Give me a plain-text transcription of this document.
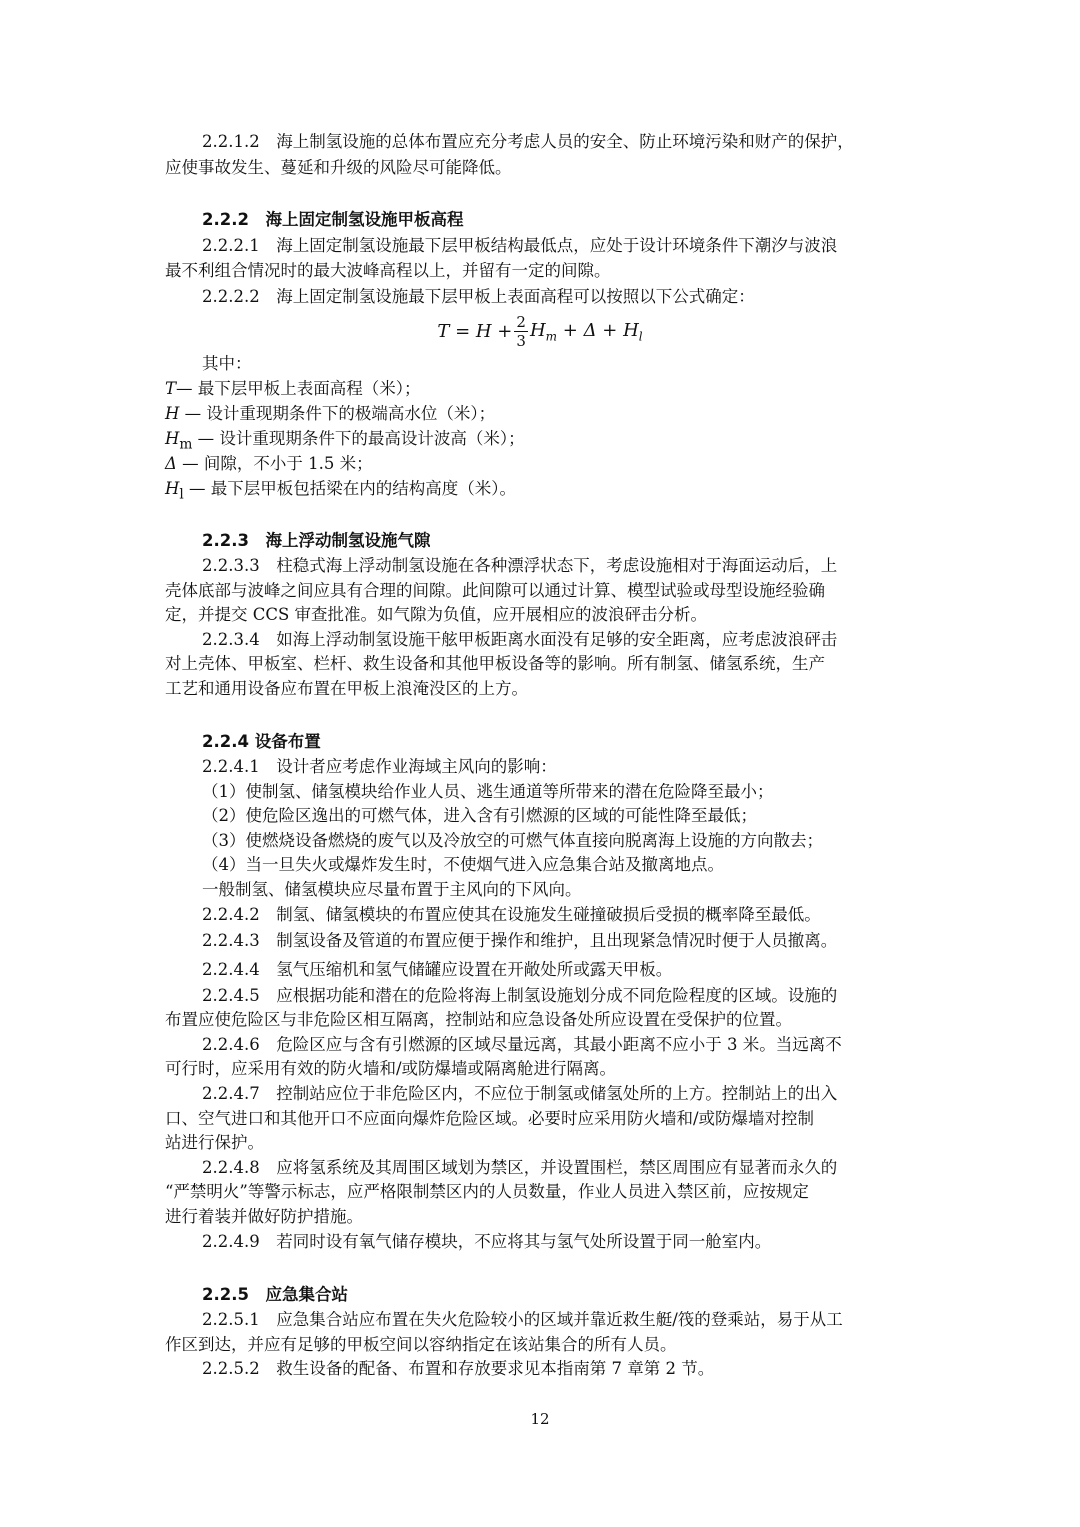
2.2.1.2　海上制氢设施的总体布置应充分考虑人员的安全、防止环境污染和财产的保护，
应使事故发生、蔓延和升级的风险尽可能降低。
2.2.2　海上固定制氢设施甲板高程
2.2.2.1　海上固定制氢设施最下层甲板结构最低点，应处于设计环境条件下潮汐与波浪
最不利组合情况时的最大波峰高程以上，并留有一定的间隙。
2.2.2.2　海上固定制氢设施最下层甲板上表面高程可以按照以下公式确定：
$T = H + \frac{2}{3} H_m + \Delta + H_l$
其中：
T— 最下层甲板上表面高程（米）；
H — 设计重现期条件下的极端高水位（米）；
$H_m$ — 设计重现期条件下的最高设计波高（米）；
Δ — 间隙，不小于 1.5 米；
$H_l$ — 最下层甲板包括梁在内的结构高度（米）。
2.2.3　海上浮动制氢设施气隙
2.2.3.3　柱稳式海上浮动制氢设施在各种漂浮状态下，考虑设施相对于海面运动后，上
壳体底部与波峰之间应具有合理的间隙。此间隙可以通过计算、模型试验或母型设施经验确
定，并提交 CCS 审查批准。如气隙为负值，应开展相应的波浪砰击分析。
2.2.3.4　如海上浮动制氢设施干舷甲板距离水面没有足够的安全距离，应考虑波浪砰击
对上壳体、甲板室、栏杆、救生设备和其他甲板设备等的影响。所有制氢、储氢系统，生产
工艺和通用设备应布置在甲板上浪淹没区的上方。
2.2.4 设备布置
2.2.4.1　设计者应考虑作业海域主风向的影响：
（1）使制氢、储氢模块给作业人员、逃生通道等所带来的潜在危险降至最小；
（2）使危险区逸出的可燃气体，进入含有引燃源的区域的可能性降至最低；
（3）使燃烧设备燃烧的废气以及冷放空的可燃气体直接向脱离海上设施的方向散去；
（4）当一旦失火或爆炸发生时，不使烟气进入应急集合站及撤离地点。
一般制氢、储氢模块应尽量布置于主风向的下风向。
2.2.4.2　制氢、储氢模块的布置应使其在设施发生碰撞破损后受损的概率降至最低。
2.2.4.3　制氢设备及管道的布置应便于操作和维护，且出现紧急情况时便于人员撤离。
2.2.4.4　氢气压缩机和氢气储罐应设置在开敞处所或露天甲板。
2.2.4.5　应根据功能和潜在的危险将海上制氢设施划分成不同危险程度的区域。设施的
布置应使危险区与非危险区相互隔离，控制站和应急设备处所应设置在受保护的位置。
2.2.4.6　危险区应与含有引燃源的区域尽量远离，其最小距离不应小于 3 米。当远离不
可行时，应采用有效的防火墙和/或防爆墙或隔离舱进行隔离。
2.2.4.7　控制站应位于非危险区内，不应位于制氢或储氢处所的上方。控制站上的出入
口、空气进口和其他开口不应面向爆炸危险区域。必要时应采用防火墙和/或防爆墙对控制
站进行保护。
2.2.4.8　应将氢系统及其周围区域划为禁区，并设置围栏，禁区周围应有显著而永久的
“严禁明火”等警示标志，应严格限制禁区内的人员数量，作业人员进入禁区前，应按规定
进行着装并做好防护措施。
2.2.4.9　若同时设有氧气储存模块，不应将其与氢气处所设置于同一舱室内。
2.2.5　应急集合站
2.2.5.1　应急集合站应布置在失火危险较小的区域并靠近救生艇/筏的登乘站，易于从工
作区到达，并应有足够的甲板空间以容纳指定在该站集合的所有人员。
2.2.5.2　救生设备的配备、布置和存放要求见本指南第 7 章第 2 节。
12
